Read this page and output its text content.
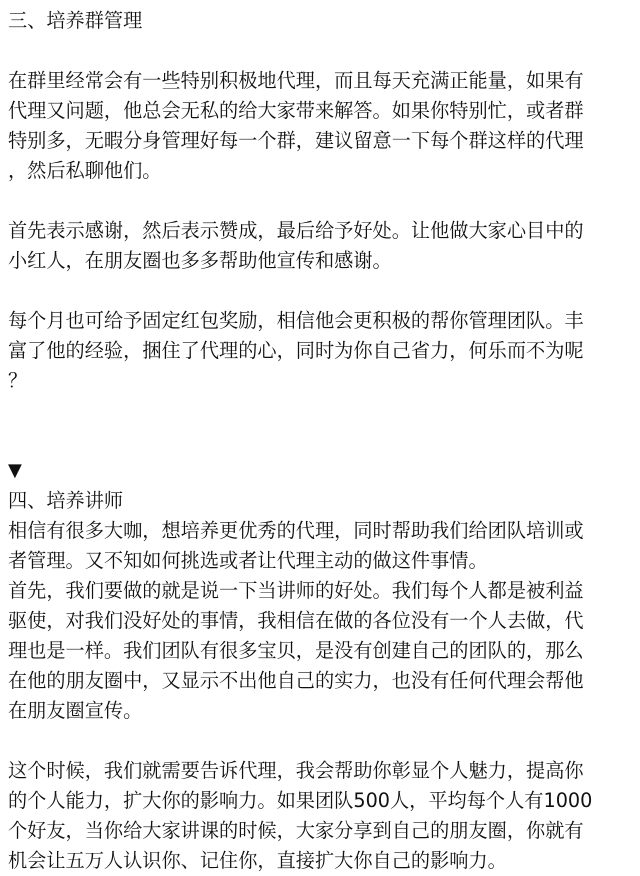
三、培养群管理
在群里经常会有一些特别积极地代理，而且每天充满正能量，如果有
代理又问题，他总会无私的给大家带来解答。如果你特别忙，或者群
特别多，无暇分身管理好每一个群，建议留意一下每个群这样的代理
，然后私聊他们。
首先表示感谢，然后表示赞成，最后给予好处。让他做大家心目中的
小红人，在朋友圈也多多帮助他宣传和感谢。
每个月也可给予固定红包奖励，相信他会更积极的帮你管理团队。丰
富了他的经验，捆住了代理的心，同时为你自己省力，何乐而不为呢
？
▼
四、培养讲师
相信有很多大咖，想培养更优秀的代理，同时帮助我们给团队培训或
者管理。又不知如何挑选或者让代理主动的做这件事情。
首先，我们要做的就是说一下当讲师的好处。我们每个人都是被利益
驱使，对我们没好处的事情，我相信在做的各位没有一个人去做，代
理也是一样。我们团队有很多宝贝，是没有创建自己的团队的，那么
在他的朋友圈中，又显示不出他自己的实力，也没有任何代理会帮他
在朋友圈宣传。
这个时候，我们就需要告诉代理，我会帮助你彰显个人魅力，提高你
的个人能力，扩大你的影响力。如果团队500人，平均每个人有1000
个好友，当你给大家讲课的时候，大家分享到自己的朋友圈，你就有
机会让五万人认识你、记住你，直接扩大你自己的影响力。
